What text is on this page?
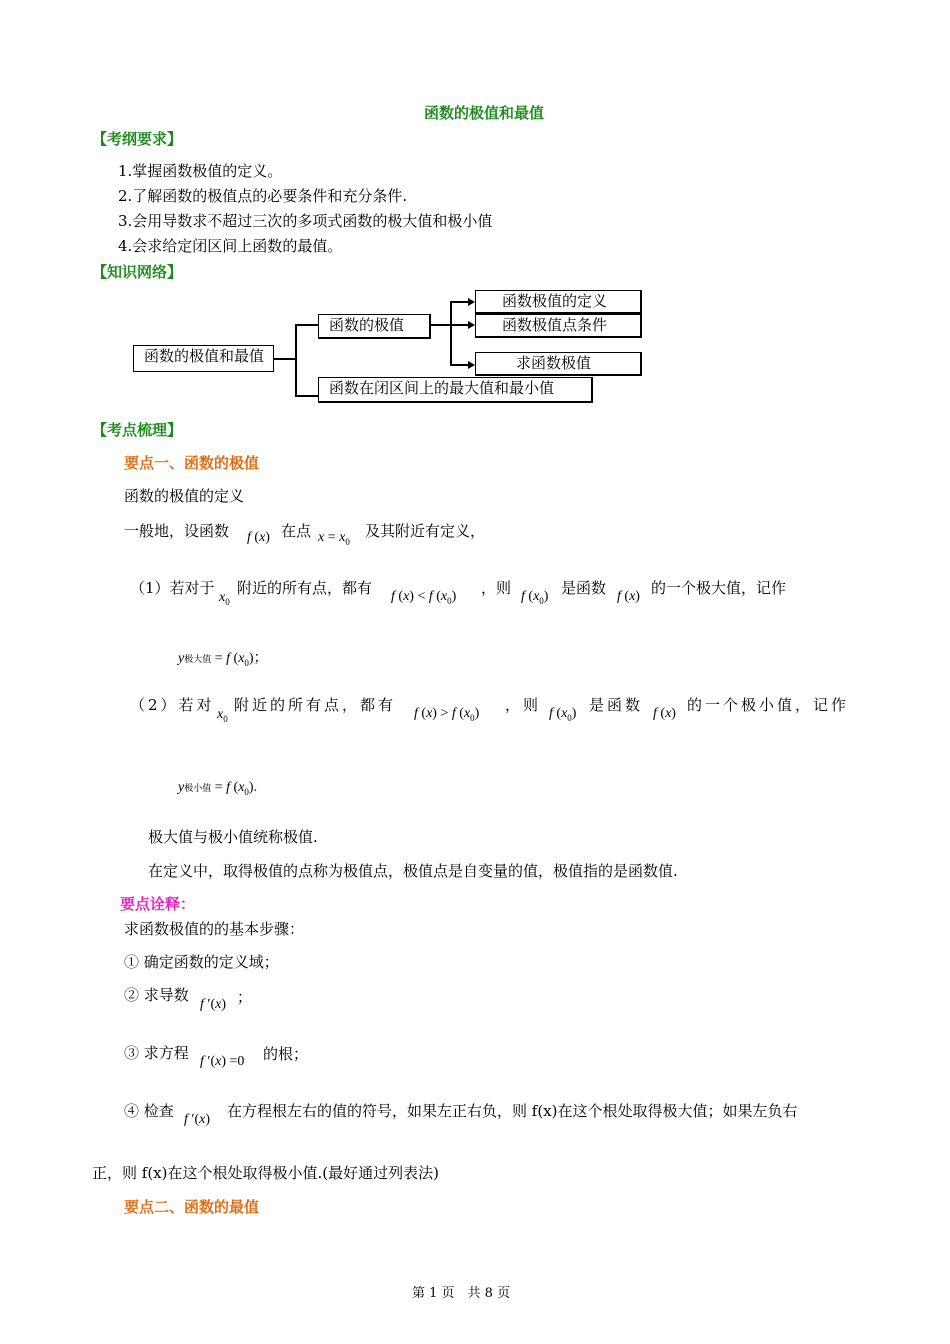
函数的极值和最值
【考纲要求】
1.掌握函数极值的定义。
2.了解函数的极值点的必要条件和充分条件.
3.会用导数求不超过三次的多项式函数的极大值和极小值
4.会求给定闭区间上函数的最值。
【知识网络】
函数的极值和最值
函数的极值
函数极值的定义
函数极值点条件
求函数极值
函数在闭区间上的最大值和最小值
【考点梳理】
要点一、函数的极值
函数的极值的定义
一般地，设函数 f (x) 在点 $x = x_0$
及其附近有定义，
（1）若对于
$x_0$
附近的所有点，都有 f (x) < f $(x_0)$ ，则 f $(x_0)$ 是函数 f (x) 的一个极大值，记作
y极大值 = f $(x_0)$；
（2）若对
$x_0$
附近的所有点，都有 f (x) > f $(x_0)$ ，则 f $(x_0)$ 是函数 f (x) 的一个极小值，记作
y极小值 = f $(x_0)$.
极大值与极小值统称极值.
在定义中，取得极值的点称为极值点，极值点是自变量的值，极值指的是函数值.
要点诠释：
求函数极值的的基本步骤：
① 确定函数的定义域；
② 求导数
f ′(x) ；
③ 求方程 f ′(x) =0 的根；
④ 检查 f ′(x) 在方程根左右的值的符号，如果左正右负，则 f(x)在这个根处取得极大值；如果左负右
正，则 f(x)在这个根处取得极小值.(最好通过列表法)
要点二、函数的最值
第 1 页　共 8 页
